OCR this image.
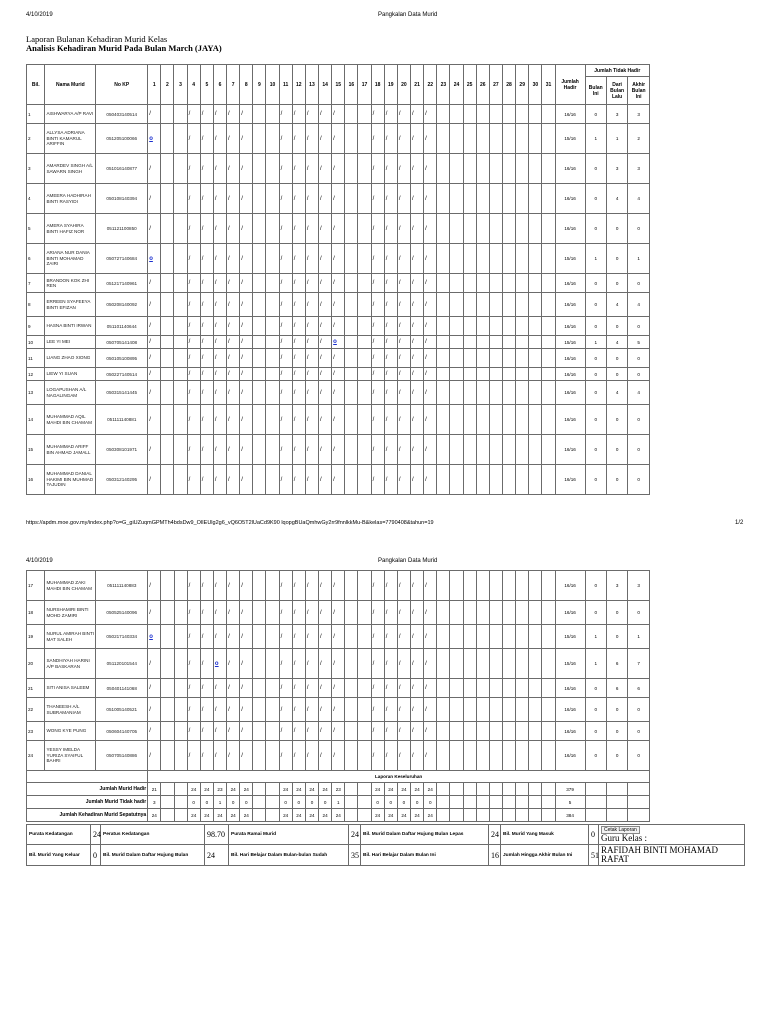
4/10/2019	Pangkalan Data Murid
Laporan Bulanan Kehadiran Murid Kelas
Analisis Kehadiran Murid Pada Bulan March (JAYA)
Bil.	Nama Murid	No KP	1	2	3	4	5	6	7	8	9	10	11	12	13	14	15	16	17	18	19	20	21	22	23	24	25	26	27	28	29	30	31	Jumlah Hadir	Jumlah Tidak Hadir		
																																			Bulan Ini	Dari Bulan Lalu	Akhir Bulan Ini
1	AISHWARYA A/P RAVI	050403140514	/			/	/	/	/	/			/	/	/	/	/			/	/	/	/	/										16/16	0	3	3
2	ALLYSA ADRIANA BINTI KAMARUL ARIFFIN	051205100066	o			/	/	/	/	/			/	/	/	/	/			/	/	/	/	/										15/16	1	1	2
3	AMARDEV SINGH A/L SAWARN SINGH	051016140877	/			/	/	/	/	/			/	/	/	/	/			/	/	/	/	/										16/16	0	3	3
4	AMEERA HADHIRAH BINTI RASYIDI	050108140394	/			/	/	/	/	/			/	/	/	/	/			/	/	/	/	/										16/16	0	4	4
5	AMERA SYAHIRA BINTI HAFIZ NOR	051121100850	/			/	/	/	/	/			/	/	/	/	/			/	/	/	/	/										16/16	0	0	0
6	ARIANA NUR DANIA BINTI MOHAMAD ZAIRI	050727140684	o			/	/	/	/	/			/	/	/	/	/			/	/	/	/	/										15/16	1	0	1
7	BRANDON KOK ZHI REN	051217140961	/			/	/	/	/	/			/	/	/	/	/			/	/	/	/	/										16/16	0	0	0
8	ERREEN SYAFEEYA BINTI EFIZAN	050208140092	/			/	/	/	/	/			/	/	/	/	/			/	/	/	/	/										16/16	0	4	4
9	HASNA BINTI IRWAN	051101140644	/			/	/	/	/	/			/	/	/	/	/			/	/	/	/	/										16/16	0	0	0
10	LEE YI MEI	050705141408	/			/	/	/	/	/			/	/	/	/	o			/	/	/	/	/										15/16	1	4	5
11	LIANG ZHAO XIONG	050105100895	/			/	/	/	/	/			/	/	/	/	/			/	/	/	/	/										16/16	0	0	0
12	LIEW YI SUAN	050227140514	/			/	/	/	/	/			/	/	/	/	/			/	/	/	/	/										16/16	0	0	0
13	LOGAPUSHAN A/L NAGALINGAM	050315141445	/			/	/	/	/	/			/	/	/	/	/			/	/	/	/	/										16/16	0	4	4
14	MUHAMMAD AQIL MAHDI BIN CHAMAM	051111140881	/			/	/	/	/	/			/	/	/	/	/			/	/	/	/	/										16/16	0	0	0
15	MUHAMMAD ARIFF BIN AHMAD JAMALL	050308101971	/			/	/	/	/	/			/	/	/	/	/			/	/	/	/	/										16/16	0	0	0
16	MUHAMMAD DANIAL HAKIMI BIN MUHMAD TAJUDIN	050312140295	/			/	/	/	/	/			/	/	/	/	/			/	/	/	/	/										16/16	0	0	0
https://apdm.moe.gov.my/index.php?o=G_giUZuqmGPMTh4bdsDw9_OlIEUlg2g6_vQ6O5T2lUaCd9K90 lqopgBUaQmhwGy2rr9fnnlkkMu-B&kelas=7790408&tahun=19	1/2
4/10/2019	Pangkalan Data Murid
17	MUHAMMAD ZAKI MAHDI BIN CHAMAM	051111140883	/			/	/	/	/	/			/	/	/	/	/			/	/	/	/	/										16/16	0	3	3
18	NURSHAMIRI BINTI MOHD ZAMIRI	050525140096	/			/	/	/	/	/			/	/	/	/	/			/	/	/	/	/										16/16	0	0	0
19	NURUL AMIRAH BINTI MAT SALEH	050217140334	o			/	/	/	/	/			/	/	/	/	/			/	/	/	/	/										15/16	1	0	1
20	SANDHIYAH HARINI A/P BASKARAN	051120101544	/			/	/	o	/	/			/	/	/	/	/			/	/	/	/	/										15/16	1	6	7
21	SITI ANISA SALEEM	050401141068	/			/	/	/	/	/			/	/	/	/	/			/	/	/	/	/										16/16	0	6	6
22	THANEESH A/L SUBRAMANIAM	051005140521	/			/	/	/	/	/			/	/	/	/	/			/	/	/	/	/										16/16	0	0	0
23	WONG KYE PUNG	050604140705	/			/	/	/	/	/			/	/	/	/	/			/	/	/	/	/										16/16	0	0	0
24	YESSY IMELDA YURIZA SYAIFUL BAHRI	050705140886	/			/	/	/	/	/			/	/	/	/	/			/	/	/	/	/										16/16	0	0	0
			Laporan Keseluruhan																																		
Jumlah Murid Hadir			21			24	24	23	24	24			24	24	24	24	23			24	24	24	24	24										379			
Jumlah Murid Tidak hadir			3			0	0	1	0	0			0	0	0	0	1			0	0	0	0	0										5			
Jumlah Kehadiran Murid Sepatutnya			24			24	24	24	24	24			24	24	24	24	24			24	24	24	24	24										384			
Purata Kedatangan	24	Peratus Kedatangan	98.70	Purata Ramai Murid	24	Bil. Murid Dalam Daftar Hujung Bulan Lepas	24	Bil. Murid Yang Masuk	0	Cetak Laporan
Guru Kelas :
Bil. Murid Yang Keluar	0	Bil. Murid Dalam Daftar Hujung Bulan	24	Bil. Hari Belajar Dalam Bulan-bulan Sudah	35	Bil. Hari Belajar Dalam Bulan Ini	16	Jumlah Hingga Akhir Bulan Ini	51	RAFIDAH BINTI MOHAMAD RAFAT
